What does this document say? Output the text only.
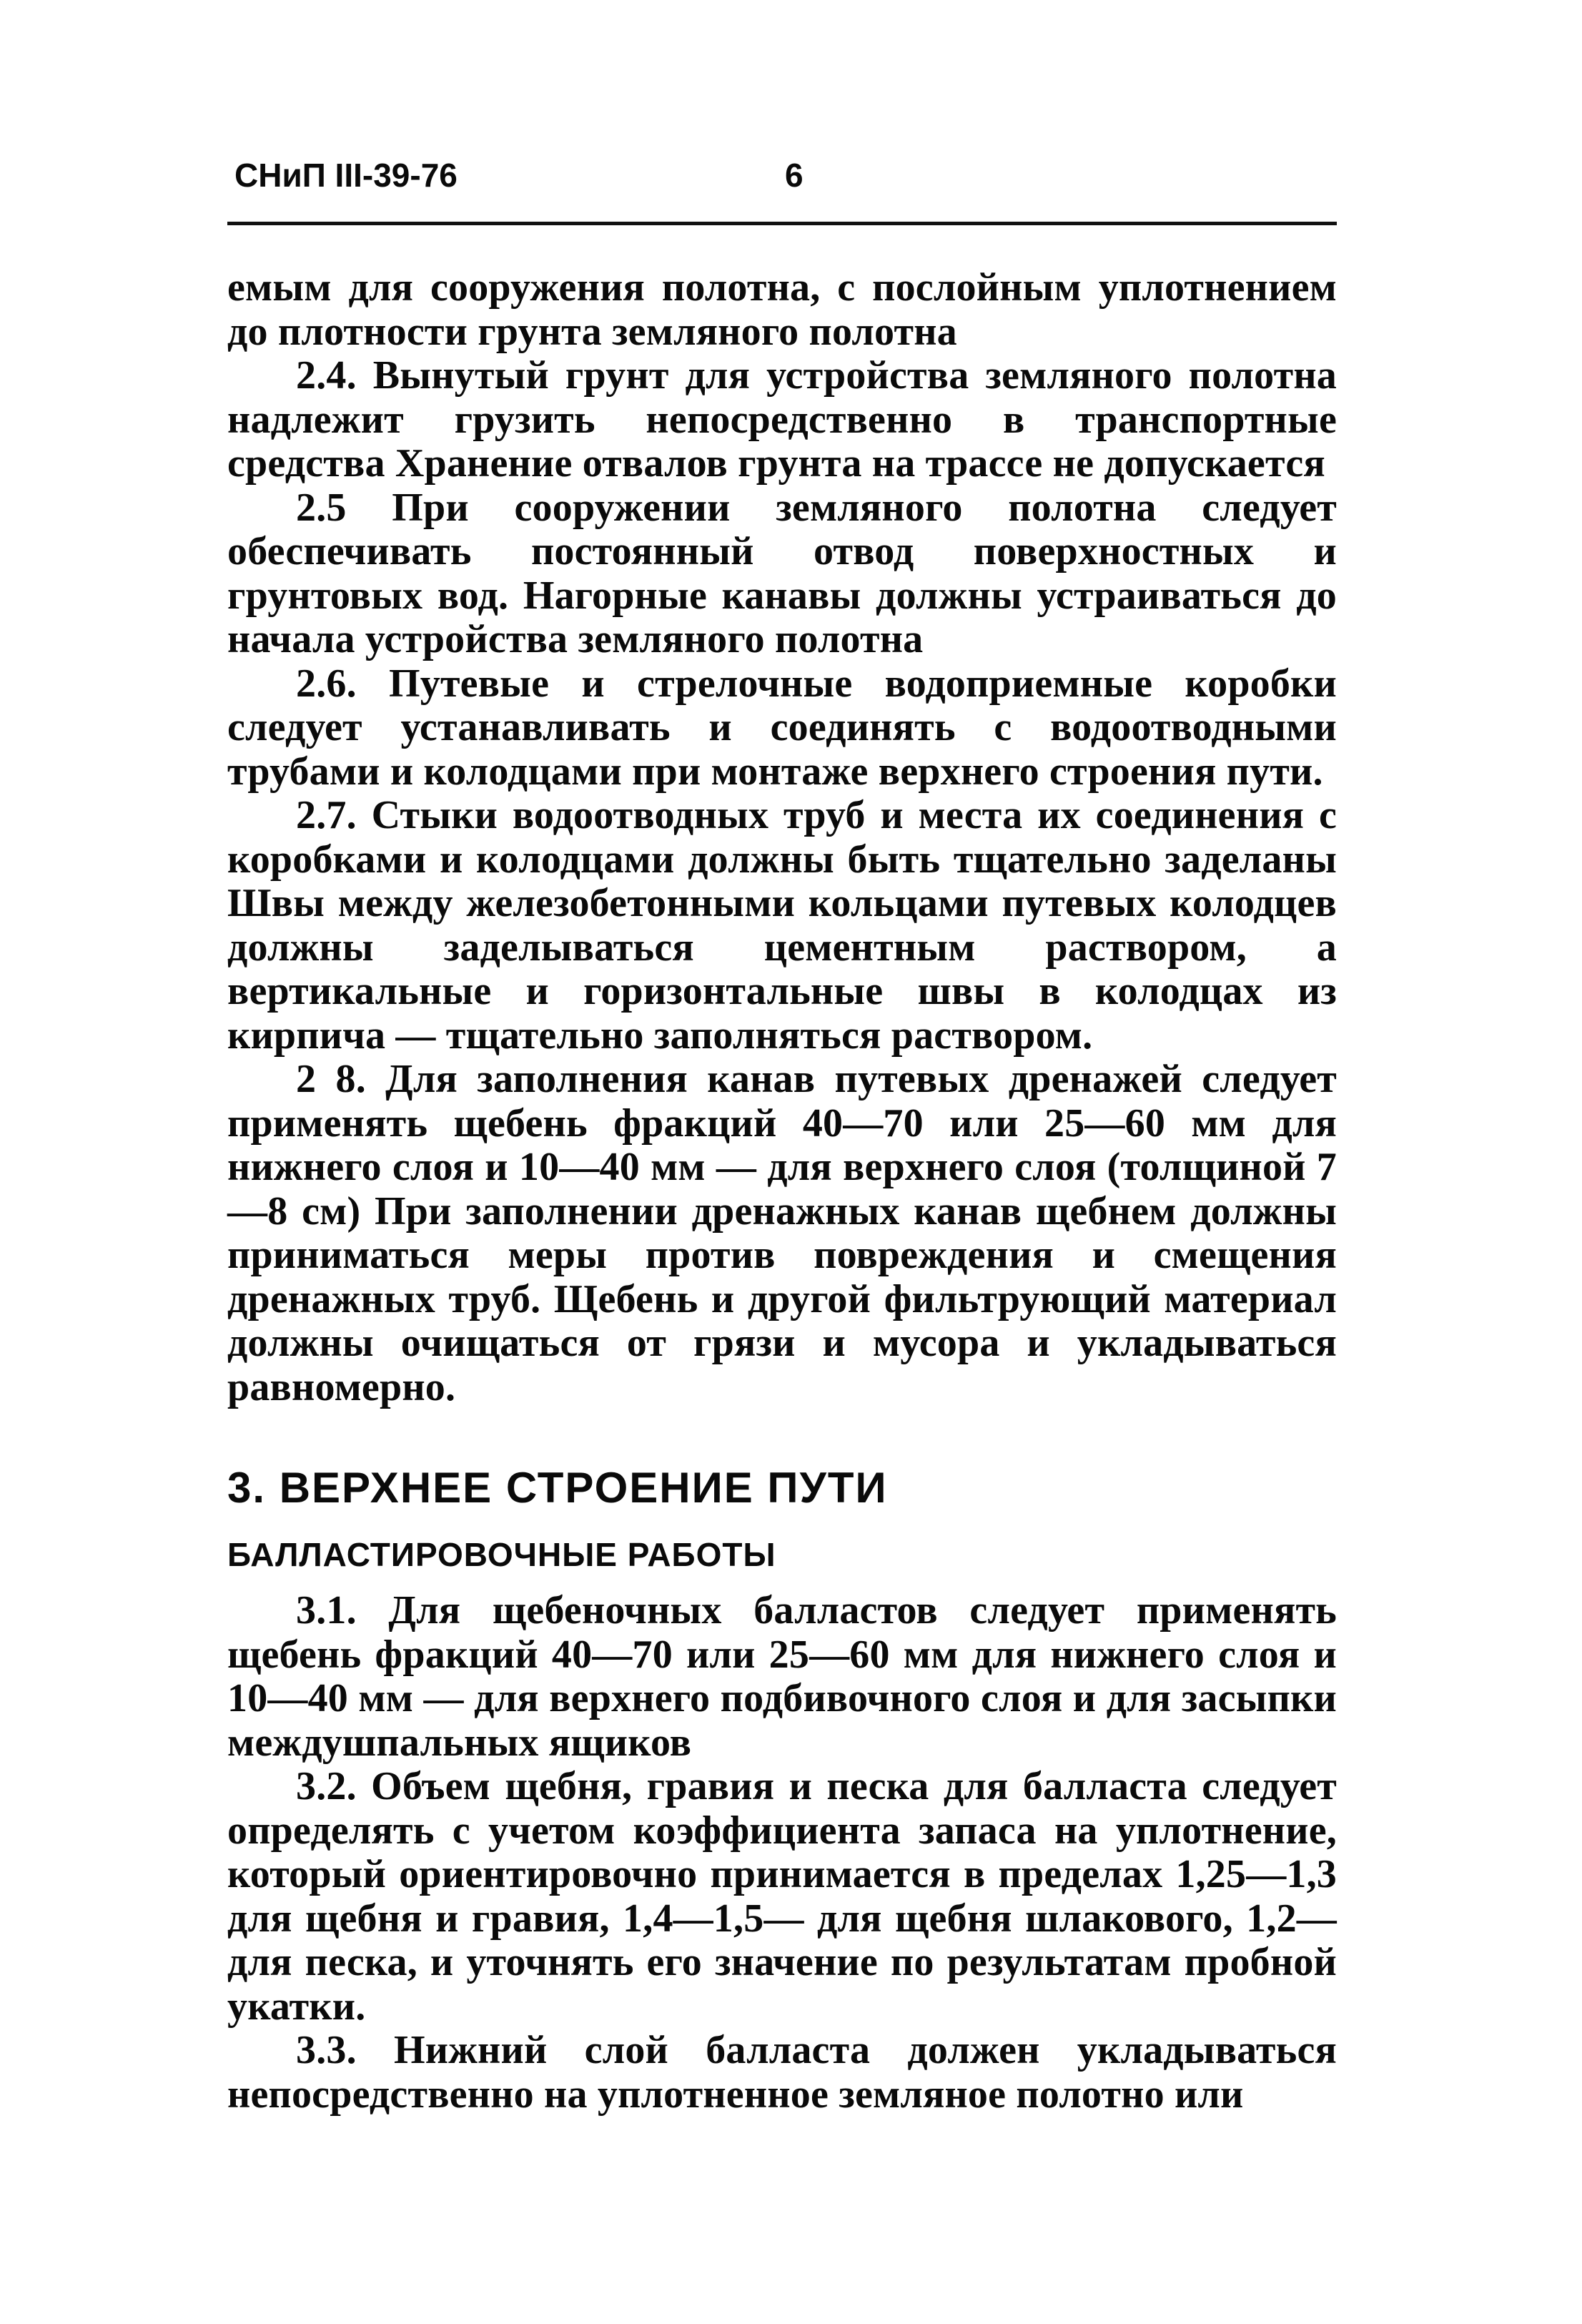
СНиП III-39-76	6

емым для сооружения полотна, с послойным уплотнением до плотности грунта земляного полотна

2.4. Вынутый грунт для устройства земляного полотна надлежит грузить непосредственно в транспортные средства Хранение отвалов грунта на трассе не допускается

2.5 При сооружении земляного полотна следует обеспечивать постоянный отвод поверхностных и грунтовых вод. Нагорные канавы должны устраиваться до начала устройства земляного полотна

2.6. Путевые и стрелочные водоприемные коробки следует устанавливать и соединять с водоотводными трубами и колодцами при монтаже верхнего строения пути.

2.7. Стыки водоотводных труб и места их соединения с коробками и колодцами должны быть тщательно заделаны Швы между железобетонными кольцами путевых колодцев должны заделываться цементным раствором, а вертикальные и горизонтальные швы в колодцах из кирпича — тщательно заполняться раствором.

2 8. Для заполнения канав путевых дренажей следует применять щебень фракций 40—70 или 25—60 мм для нижнего слоя и 10—40 мм — для верхнего слоя (толщиной 7—8 см) При заполнении дренажных канав щебнем должны приниматься меры против повреждения и смещения дренажных труб. Щебень и другой фильтрующий материал должны очищаться от грязи и мусора и укладываться равномерно.

3. ВЕРХНЕЕ СТРОЕНИЕ ПУТИ
БАЛЛАСТИРОВОЧНЫЕ РАБОТЫ

3.1. Для щебеночных балластов следует применять щебень фракций 40—70 или 25—60 мм для нижнего слоя и 10—40 мм — для верхнего подбивочного слоя и для засыпки междушпальных ящиков

3.2. Объем щебня, гравия и песка для балласта следует определять с учетом коэффициента запаса на уплотнение, который ориентировочно принимается в пределах 1,25—1,3 для щебня и гравия, 1,4—1,5— для щебня шлакового, 1,2— для песка, и уточнять его значение по результатам пробной укатки.

3.3. Нижний слой балласта должен укладываться непосредственно на уплотненное земляное полотно или
